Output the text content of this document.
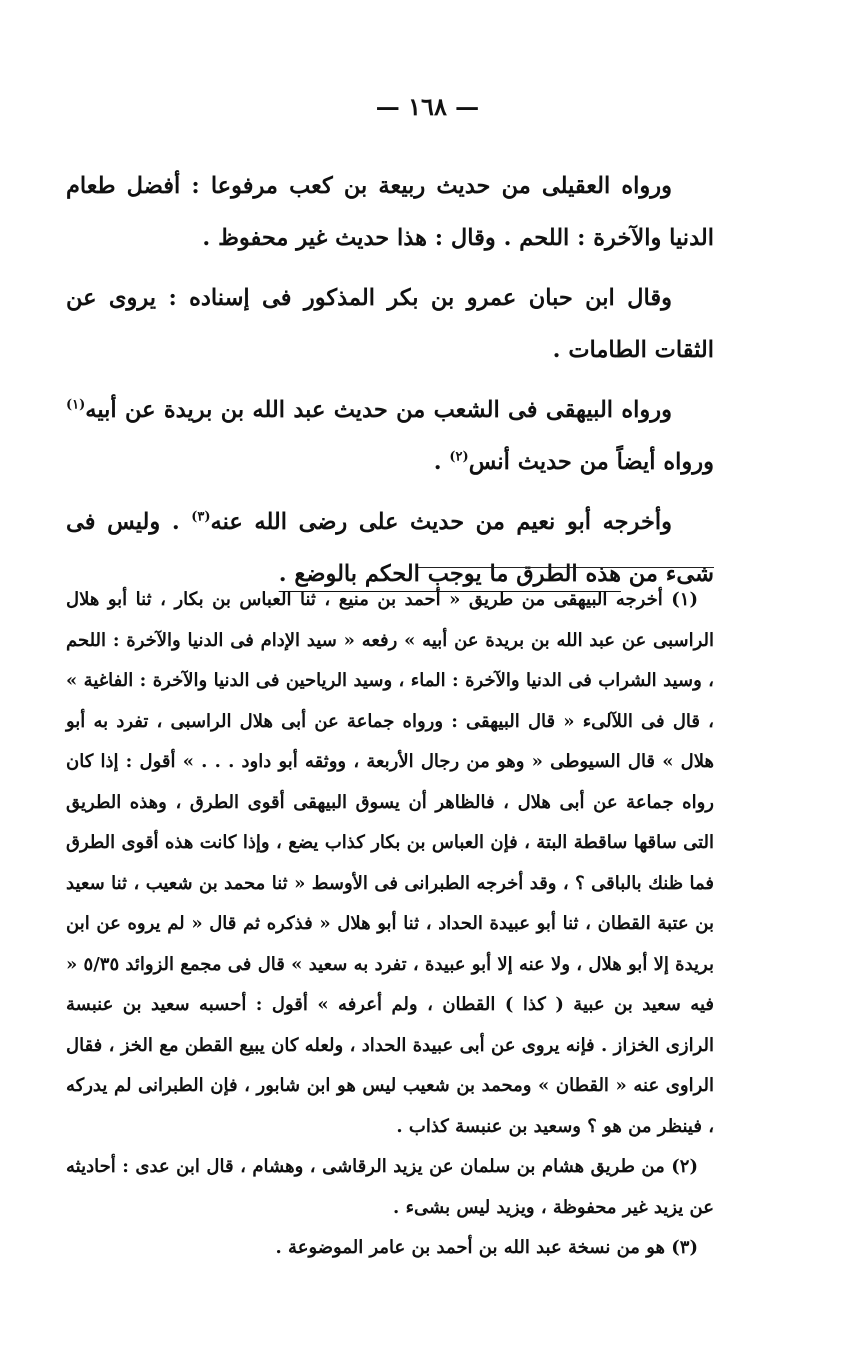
— ١٦٨ —

ورواه العقيلى من حديث ربيعة بن كعب مرفوعا : أفضل طعام الدنيا والآخرة : اللحم . وقال : هذا حديث غير محفوظ .

وقال ابن حبان عمرو بن بكر المذكور فى إسناده : يروى عن الثقات الطامات .

ورواه البيهقى فى الشعب من حديث عبد الله بن بريدة عن أبيه$^{(١)}$ ورواه أيضاً من حديث أنس$^{(٢)}$ .

وأخرجه أبو نعيم من حديث على رضى الله عنه$^{(٣)}$ . وليس فى شىء من هذه الطرق ما يوجب الحكم بالوضع .

(١) أخرجه البيهقى من طريق « أحمد بن منيع ، ثنا العباس بن بكار ، ثنا أبو هلال الراسبى عن عبد الله بن بريدة عن أبيه » رفعه « سيد الإدام فى الدنيا والآخرة : اللحم ، وسيد الشراب فى الدنيا والآخرة : الماء ، وسيد الرياحين فى الدنيا والآخرة : الفاغية » ، قال فى اللآلىء « قال البيهقى : ورواه جماعة عن أبى هلال الراسبى ، تفرد به أبو هلال » قال السيوطى « وهو من رجال الأربعة ، ووثقه أبو داود . . . » أقول : إذا كان رواه جماعة عن أبى هلال ، فالظاهر أن يسوق البيهقى أقوى الطرق ، وهذه الطريق التى ساقها ساقطة البتة ، فإن العباس بن بكار كذاب يضع ، وإذا كانت هذه أقوى الطرق فما ظنك بالباقى ؟ ، وقد أخرجه الطبرانى فى الأوسط « ثنا محمد بن شعيب ، ثنا سعيد بن عتبة القطان ، ثنا أبو عبيدة الحداد ، ثنا أبو هلال « فذكره ثم قال « لم يروه عن ابن بريدة إلا أبو هلال ، ولا عنه إلا أبو عبيدة ، تفرد به سعيد » قال فى مجمع الزوائد ٥/٣٥ « فيه سعيد بن عبية ( كذا ) القطان ، ولم أعرفه » أقول : أحسبه سعيد بن عنبسة الرازى الخزاز . فإنه يروى عن أبى عبيدة الحداد ، ولعله كان يبيع القطن مع الخز ، فقال الراوى عنه « القطان » ومحمد بن شعيب ليس هو ابن شابور ، فإن الطبرانى لم يدركه ، فينظر من هو ؟ وسعيد بن عنبسة كذاب .

(٢) من طريق هشام بن سلمان عن يزيد الرقاشى ، وهشام ، قال ابن عدى : أحاديثه عن يزيد غير محفوظة ، ويزيد ليس بشىء .

(٣) هو من نسخة عبد الله بن أحمد بن عامر الموضوعة .
